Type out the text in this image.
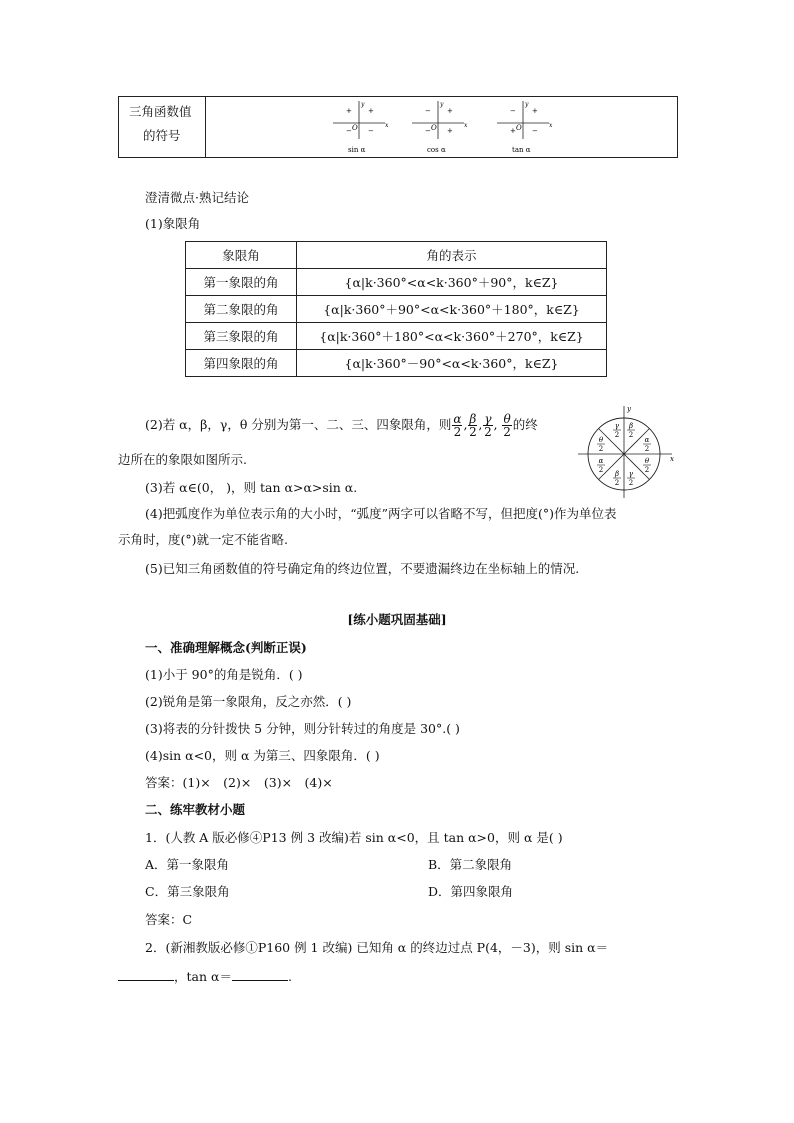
三角函数值
的符号
y
x
O
+ +
− −
sin α
y
x
O
− +
− +
cos α
y
x
O
− +
+ −
tan α
澄清微点·熟记结论
(1)象限角
象限角	角的表示
第一象限的角	{α|k·360°<α<k·360°＋90°，k∈Z}
第二象限的角	{α|k·360°＋90°<α<k·360°＋180°，k∈Z}
第三象限的角	{α|k·360°＋180°<α<k·360°＋270°，k∈Z}
第四象限的角	{α|k·360°－90°<α<k·360°，k∈Z}
(2)若 α，β，γ，θ 分别为第一、二、三、四象限角，则 $\frac{\alpha}{2}$ , $\frac{\beta}{2}$ , $\frac{\gamma}{2}$ , $\frac{\theta}{2}$ 的终
边所在的象限如图所示.
y
x
γ
2
β
2
α
2
θ
2
θ
2
α
2 β
2
γ
2
(3)若 α∈(0， )，则 tan α>α>sin α.
(4)把弧度作为单位表示角的大小时，“弧度”两字可以省略不写，但把度(°)作为单位表
示角时，度(°)就一定不能省略.
(5)已知三角函数值的符号确定角的终边位置，不要遗漏终边在坐标轴上的情况.
[练小题巩固基础]
一、准确理解概念(判断正误)
(1)小于 90°的角是锐角．( )
(2)锐角是第一象限角，反之亦然．( )
(3)将表的分针拨快 5 分钟，则分针转过的角度是 30°.( )
(4)sin α<0，则 α 为第三、四象限角．( )
答案：(1)×　(2)×　(3)×　(4)×
二、练牢教材小题
1．(人教 A 版必修④P13 例 3 改编)若 sin α<0，且 tan α>0，则 α 是( )
A．第一象限角	B．第二象限角
C．第三象限角	D．第四象限角
答案：C
2．(新湘教版必修①P160 例 1 改编) 已知角 α 的终边过点 P(4，－3)，则 sin α＝
，tan α＝	.
